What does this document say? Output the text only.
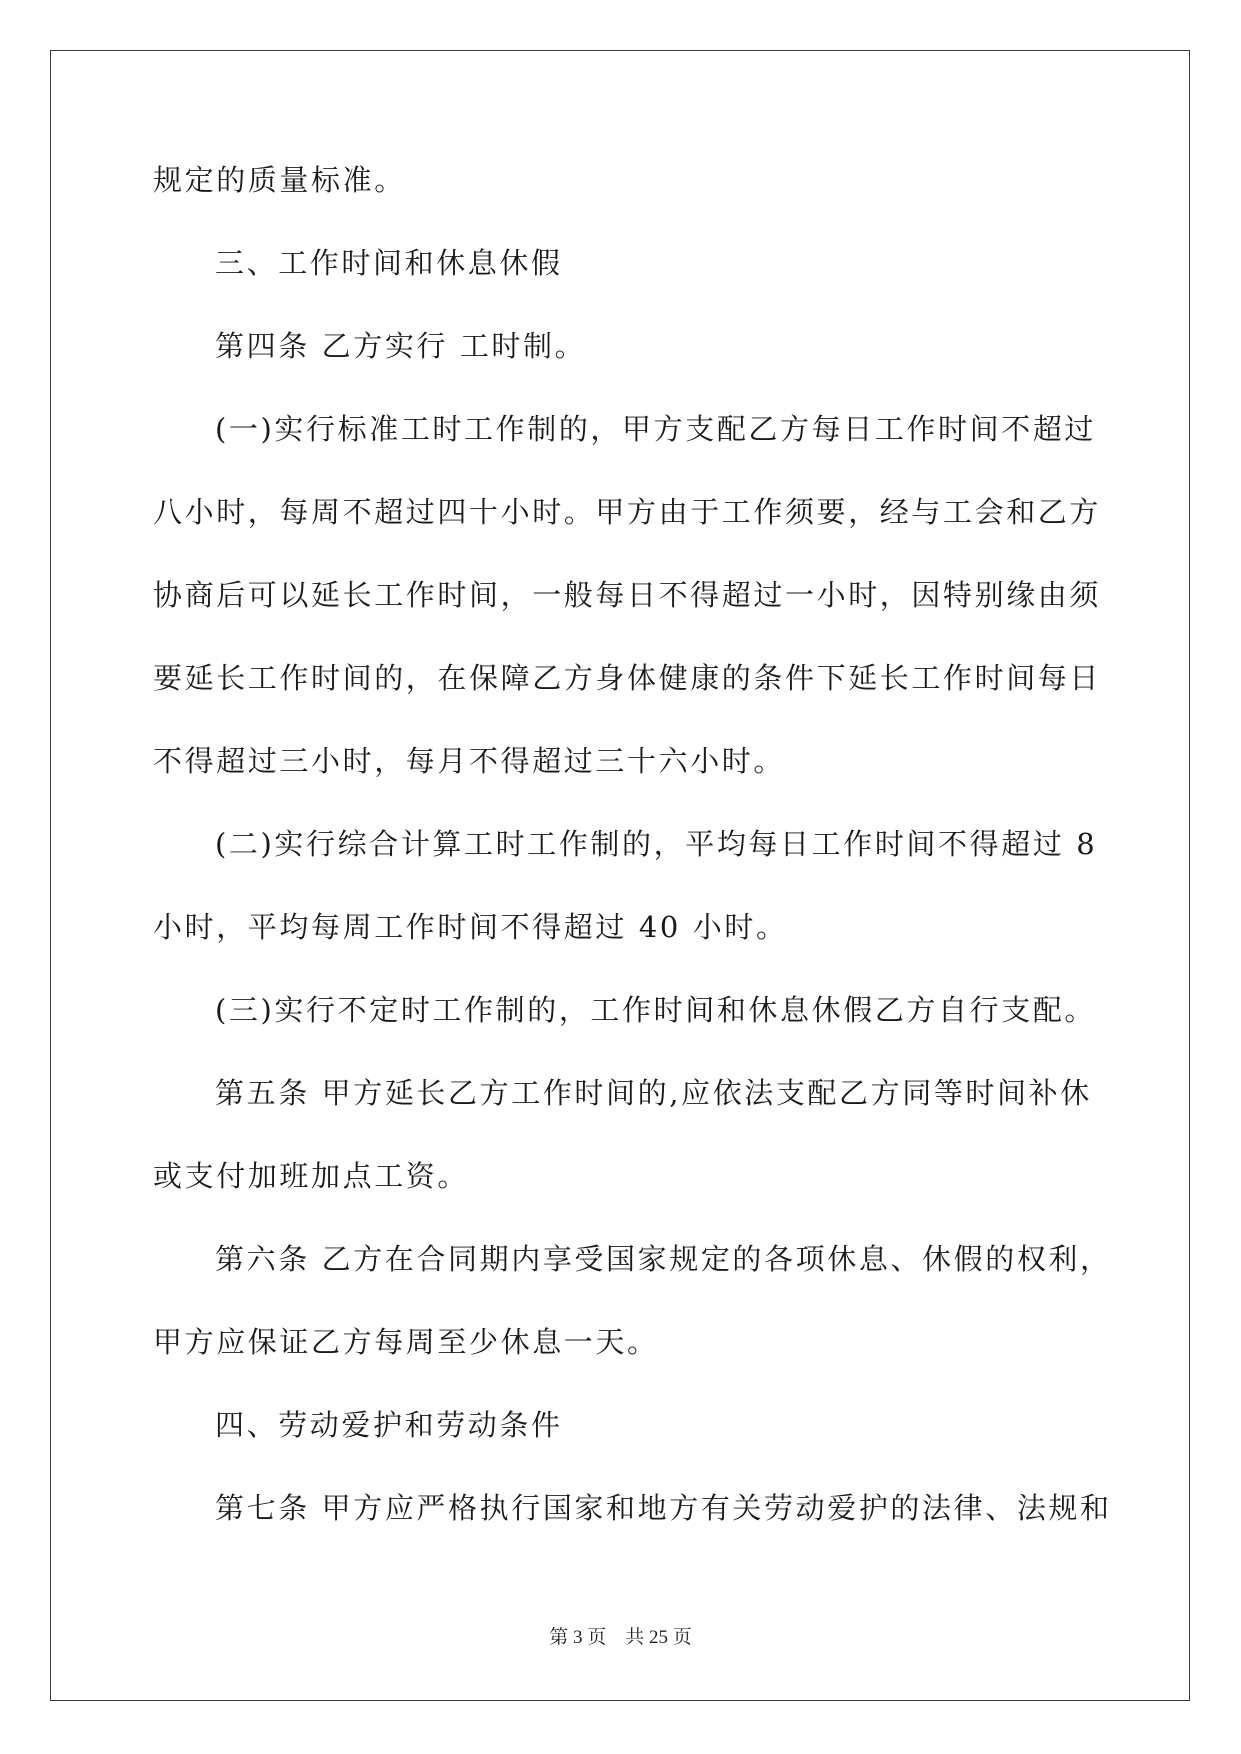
规定的质量标准。
三、工作时间和休息休假
第四条 乙方实行 工时制。
(一)实行标准工时工作制的，甲方支配乙方每日工作时间不超过
八小时，每周不超过四十小时。甲方由于工作须要，经与工会和乙方
协商后可以延长工作时间，一般每日不得超过一小时，因特别缘由须
要延长工作时间的，在保障乙方身体健康的条件下延长工作时间每日
不得超过三小时，每月不得超过三十六小时。
(二)实行综合计算工时工作制的，平均每日工作时间不得超过 8
小时，平均每周工作时间不得超过 40 小时。
(三)实行不定时工作制的，工作时间和休息休假乙方自行支配。
第五条 甲方延长乙方工作时间的,应依法支配乙方同等时间补休
或支付加班加点工资。
第六条 乙方在合同期内享受国家规定的各项休息、休假的权利，
甲方应保证乙方每周至少休息一天。
四、劳动爱护和劳动条件
第七条 甲方应严格执行国家和地方有关劳动爱护的法律、法规和
第 3 页    共 25 页
